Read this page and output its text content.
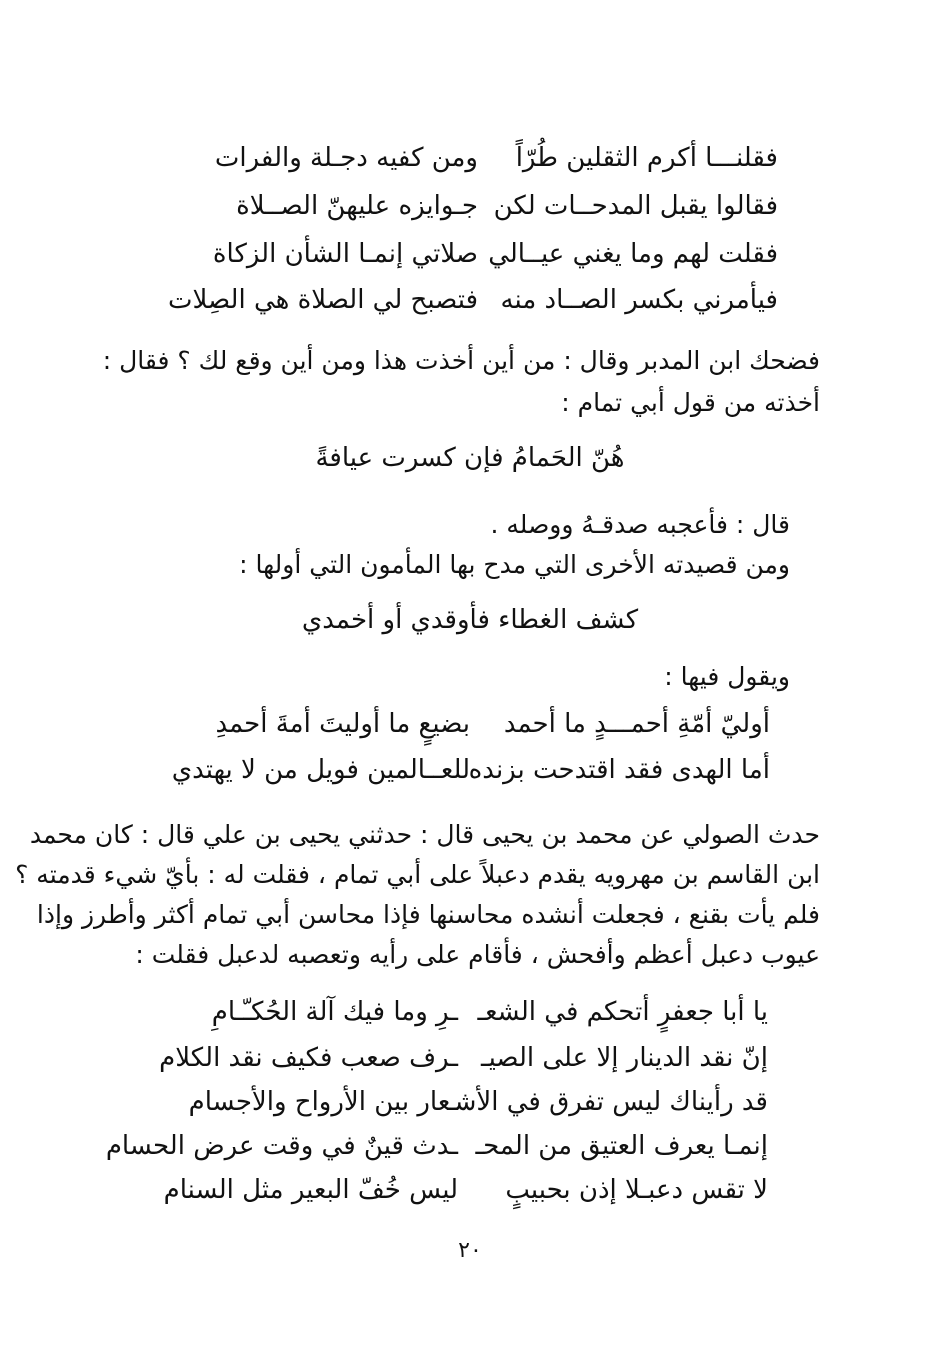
فقلنـــا أكرم الثقلين طُرّاً
ومن كفيه دجـلة والفرات
فقالوا يقبل المدحــات لكن
جـوايزه عليهنّ الصــلاة
فقلت لهم وما يغني عيــالي
صلاتي إنمـا الشأن الزكاة
فيأمرني بكسر الصــاد منه
فتصبح لي الصلاة هي الصِلات
فضحك ابن المدبر وقال : من أين أخذت هذا ومن أين وقع لك ؟ فقال :
أخذته من قول أبي تمام :
هُنّ الحَمامُ فإن كسرت عيافةً
قال : فأعجبه صدقـهُ ووصله .
ومن قصيدته الأخرى التي مدح بها المأمون التي أولها :
كشف الغطاء فأوقدي أو أخمدي
ويقول فيها :
أوليّ أمّةِ أحمـــدٍ ما أحمد
بضيعٍ ما أوليتَ أمةَ أحمدِ
أما الهدى فقد اقتدحت بزنده
للعــالمين فويل من لا يهتدي
حدث الصولي عن محمد بن يحيى قال : حدثني يحيى بن علي قال : كان محمد
ابن القاسم بن مهرويه يقدم دعبلاً على أبي تمام ، فقلت له : بأيّ شيء قدمته ؟
فلم يأت بقنع ، فجعلت أنشده محاسنها فإذا محاسن أبي تمام أكثر وأطرز وإذا
عيوب دعبل أعظم وأفحش ، فأقام على رأيه وتعصبه لدعبل فقلت :
يا أبا جعفرٍ أتحكم في الشعـ
ـرِ وما فيك آلة الحُكـّـامِ
إنّ نقد الدينار إلا على الصيـ
ـرف صعب فكيف نقد الكلام
قد رأيناك ليس تفرق في الأشـ
ـعار بين الأرواح والأجسام
إنمـا يعرف العتيق من المحـ
ـدث قينٌ في وقت عرض الحسام
لا تقس دعبـلا إذن بحبيبٍ
ليس خُفّ البعير مثل السنام
٢٠
